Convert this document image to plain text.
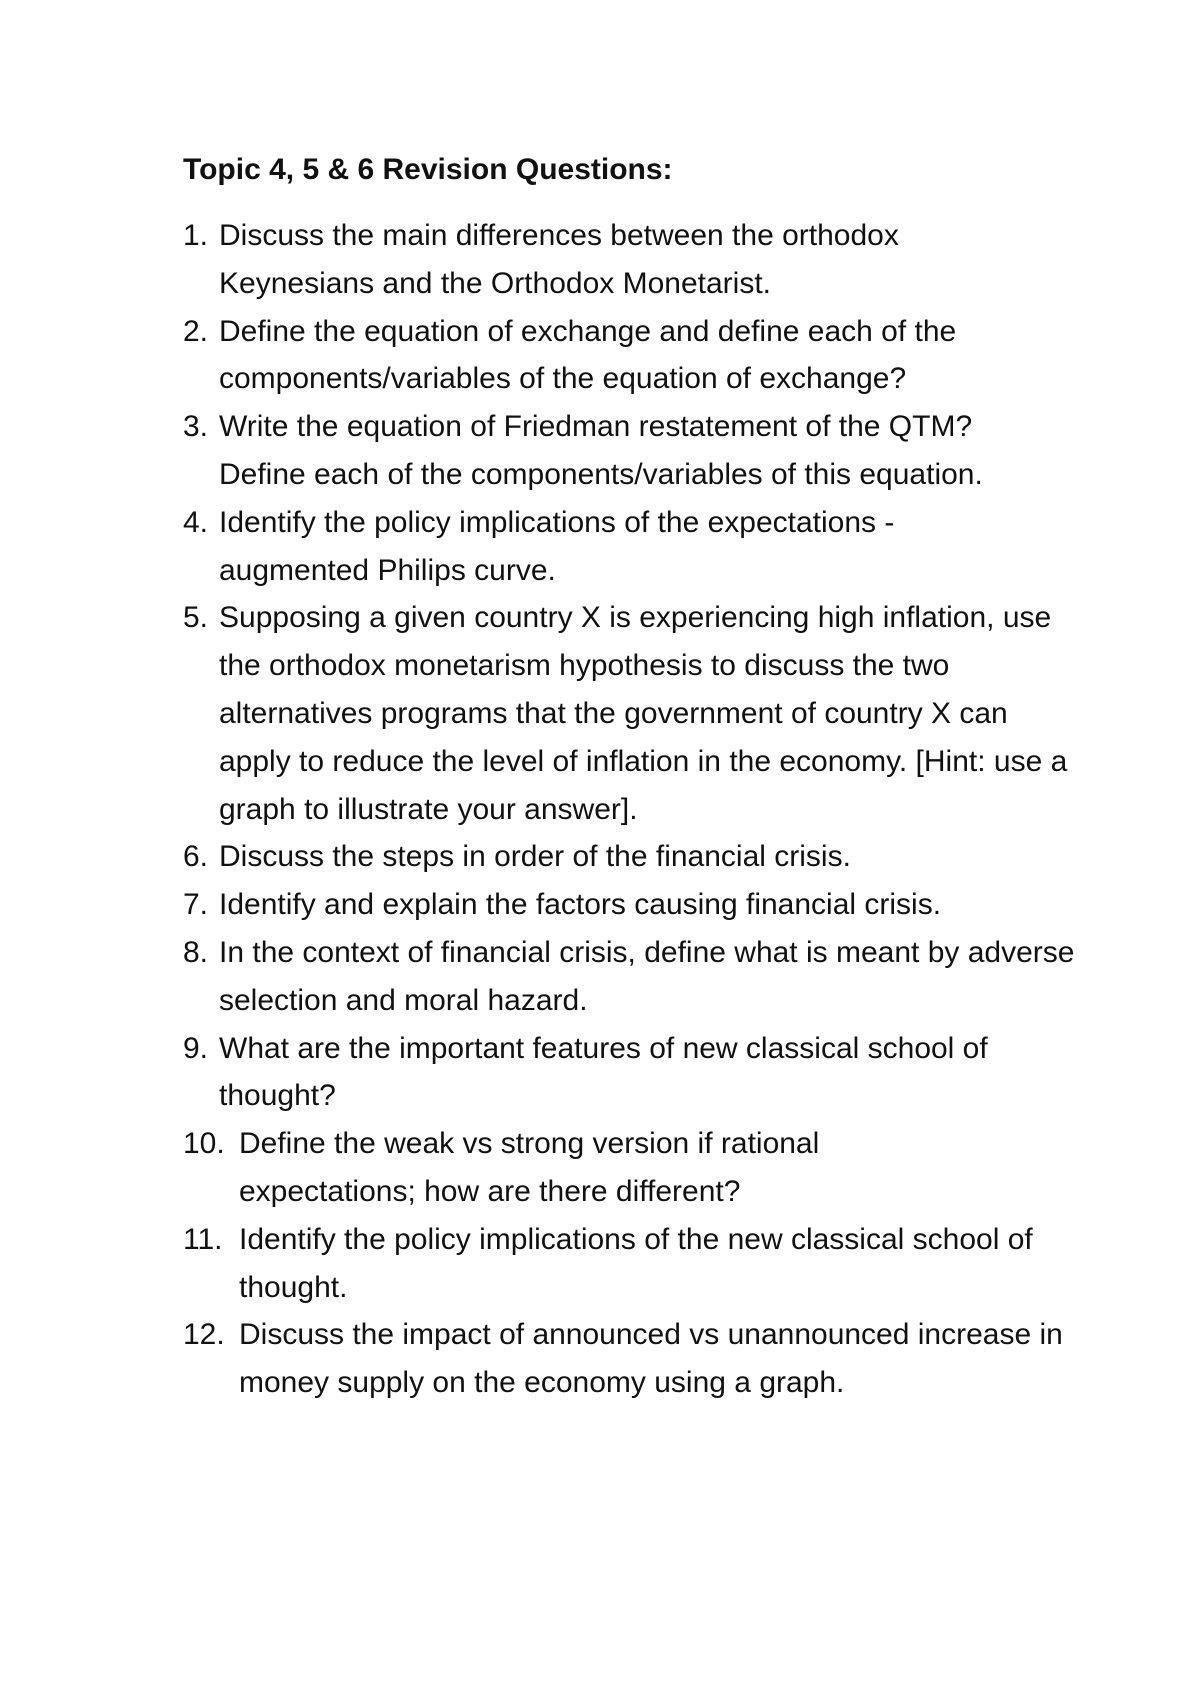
Topic 4, 5 & 6 Revision Questions:
1. Discuss the main differences between the orthodox Keynesians and the Orthodox Monetarist.
2. Define the equation of exchange and define each of the components/variables of the equation of exchange?
3. Write the equation of Friedman restatement of the QTM? Define each of the components/variables of this equation.
4. Identify the policy implications of the expectations - augmented Philips curve.
5. Supposing a given country X is experiencing high inflation, use the orthodox monetarism hypothesis to discuss the two alternatives programs that the government of country X can apply to reduce the level of inflation in the economy. [Hint: use a graph to illustrate your answer].
6. Discuss the steps in order of the financial crisis.
7. Identify and explain the factors causing financial crisis.
8. In the context of financial crisis, define what is meant by adverse selection and moral hazard.
9. What are the important features of new classical school of thought?
10. Define the weak vs strong version if rational expectations; how are there different?
11. Identify the policy implications of the new classical school of thought.
12. Discuss the impact of announced vs unannounced increase in money supply on the economy using a graph.
